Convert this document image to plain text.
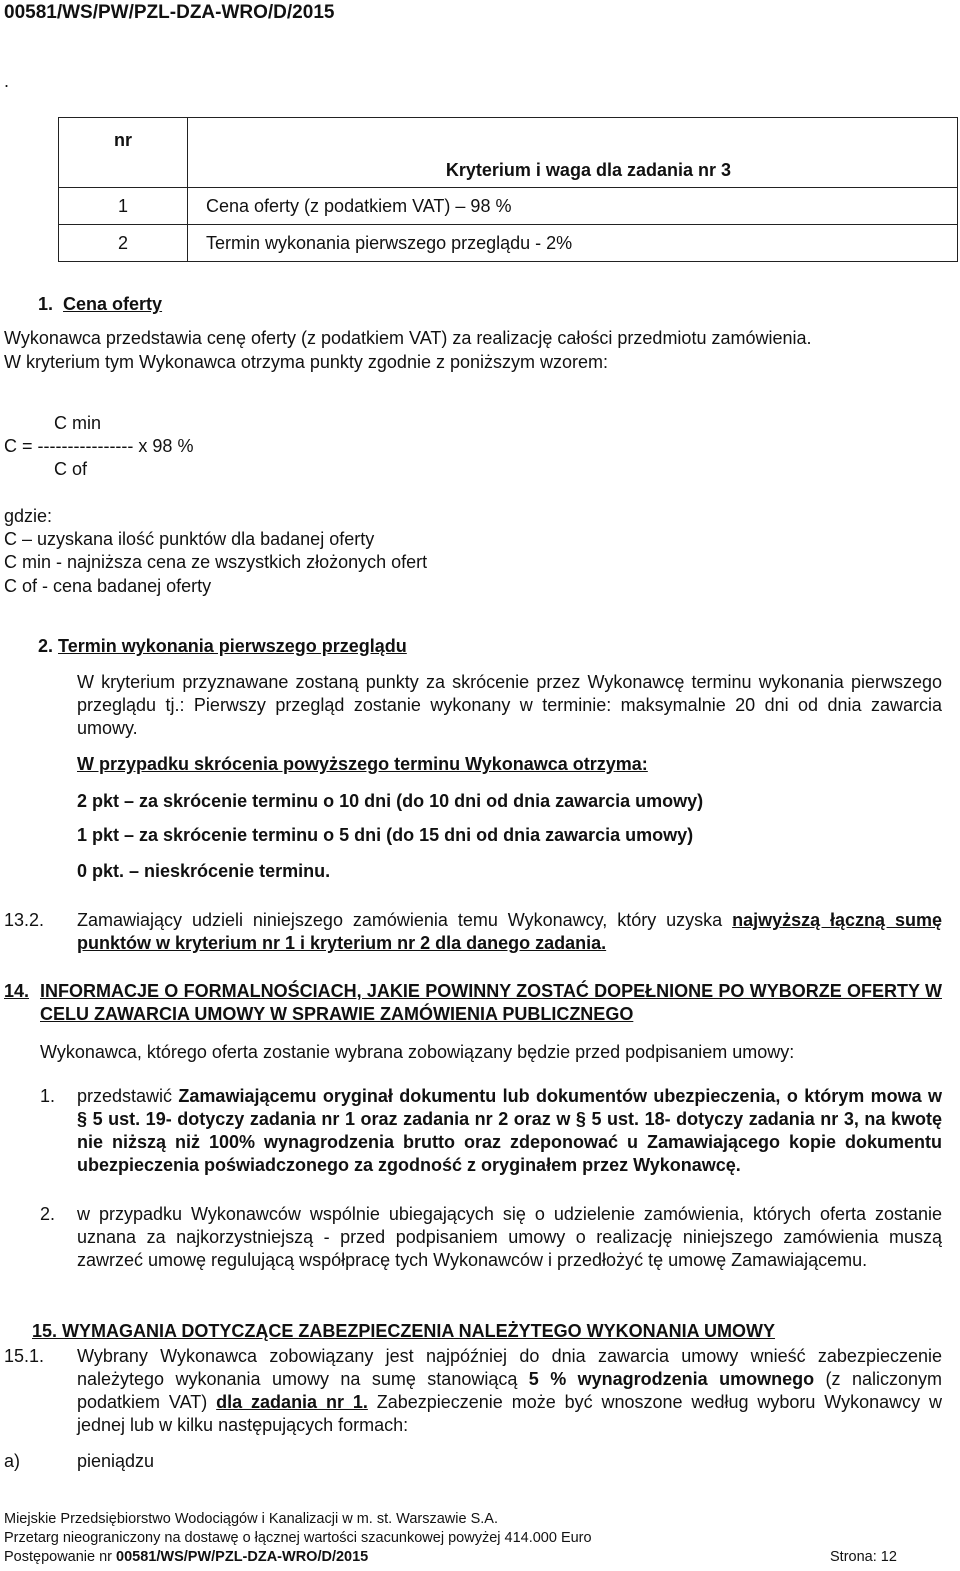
00581/WS/PW/PZL-DZA-WRO/D/2015
.
nr	Kryterium i waga dla zadania nr 3
1	Cena oferty (z podatkiem VAT) – 98 %
2	Termin wykonania pierwszego przeglądu - 2%
1. Cena oferty
Wykonawca przedstawia cenę oferty (z podatkiem VAT) za realizację całości przedmiotu zamówienia.
W kryterium tym Wykonawca otrzyma punkty zgodnie z poniższym wzorem:
C min
C = ---------------- x 98 %
C of
gdzie:
C – uzyskana ilość punktów dla badanej oferty
C min - najniższa cena ze wszystkich złożonych ofert
C of - cena badanej oferty
2. Termin wykonania pierwszego przeglądu
W kryterium przyznawane zostaną punkty za skrócenie przez Wykonawcę terminu wykonania pierwszego przeglądu tj.: Pierwszy przegląd zostanie wykonany w terminie: maksymalnie 20 dni od dnia zawarcia umowy.
W przypadku skrócenia powyższego terminu Wykonawca otrzyma:
2 pkt – za skrócenie terminu o 10 dni (do 10 dni od dnia zawarcia umowy)
1 pkt – za skrócenie terminu o 5 dni (do 15 dni od dnia zawarcia umowy)
0 pkt. – nieskrócenie terminu.
13.2. Zamawiający udzieli niniejszego zamówienia temu Wykonawcy, który uzyska najwyższą łączną sumę punktów w kryterium nr 1 i kryterium nr 2 dla danego zadania.
14. INFORMACJE O FORMALNOŚCIACH, JAKIE POWINNY ZOSTAĆ DOPEŁNIONE PO WYBORZE OFERTY W CELU ZAWARCIA UMOWY W SPRAWIE ZAMÓWIENIA PUBLICZNEGO
Wykonawca, którego oferta zostanie wybrana zobowiązany będzie przed podpisaniem umowy:
1.	przedstawić Zamawiającemu oryginał dokumentu lub dokumentów ubezpieczenia, o którym mowa w § 5 ust. 19- dotyczy zadania nr 1 oraz zadania nr 2 oraz w § 5 ust. 18- dotyczy zadania nr 3, na kwotę nie niższą niż 100% wynagrodzenia brutto oraz zdeponować u Zamawiającego kopie dokumentu ubezpieczenia poświadczonego za zgodność z oryginałem przez Wykonawcę.
2.	w przypadku Wykonawców wspólnie ubiegających się o udzielenie zamówienia, których oferta zostanie uznana za najkorzystniejszą - przed podpisaniem umowy o realizację niniejszego zamówienia muszą zawrzeć umowę regulującą współpracę tych Wykonawców i przedłożyć tę umowę Zamawiającemu.
15. WYMAGANIA DOTYCZĄCE ZABEZPIECZENIA NALEŻYTEGO WYKONANIA UMOWY
15.1. Wybrany Wykonawca zobowiązany jest najpóźniej do dnia zawarcia umowy wnieść zabezpieczenie należytego wykonania umowy na sumę stanowiącą 5 % wynagrodzenia umownego (z naliczonym podatkiem VAT) dla zadania nr 1. Zabezpieczenie może być wnoszone według wyboru Wykonawcy w jednej lub w kilku następujących formach:
a)	pieniądzu
Miejskie Przedsiębiorstwo Wodociągów i Kanalizacji w m. st. Warszawie S.A.
Przetarg nieograniczony na dostawę o łącznej wartości szacunkowej powyżej 414.000 Euro
Postępowanie nr 00581/WS/PW/PZL-DZA-WRO/D/2015	Strona: 12
